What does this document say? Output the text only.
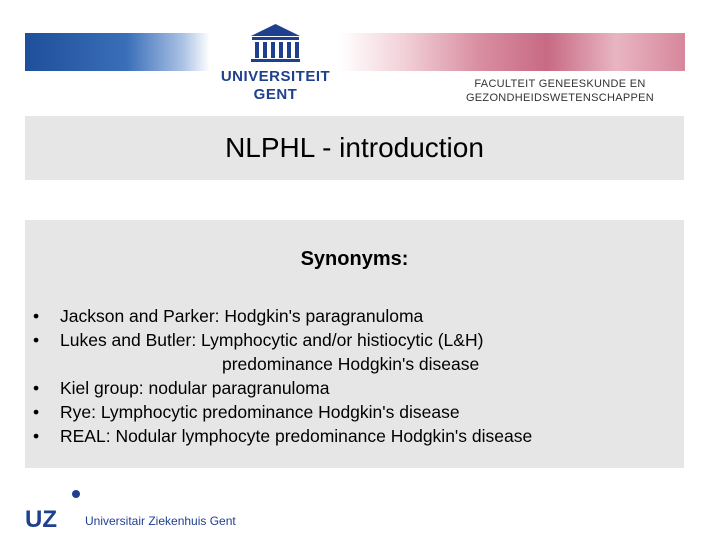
UNIVERSITEIT
GENT
FACULTEIT GENEESKUNDE EN
GEZONDHEIDSWETENSCHAPPEN
NLPHL - introduction
Synonyms:
•	Jackson and Parker: Hodgkin's paragranuloma
•	Lukes and Butler: Lymphocytic and/or histiocytic (L&H)
predominance Hodgkin's disease
•	Kiel group: nodular paragranuloma
•	Rye: Lymphocytic predominance Hodgkin's disease
•	REAL: Nodular lymphocyte predominance Hodgkin's disease
UZ Universitair Ziekenhuis Gent
